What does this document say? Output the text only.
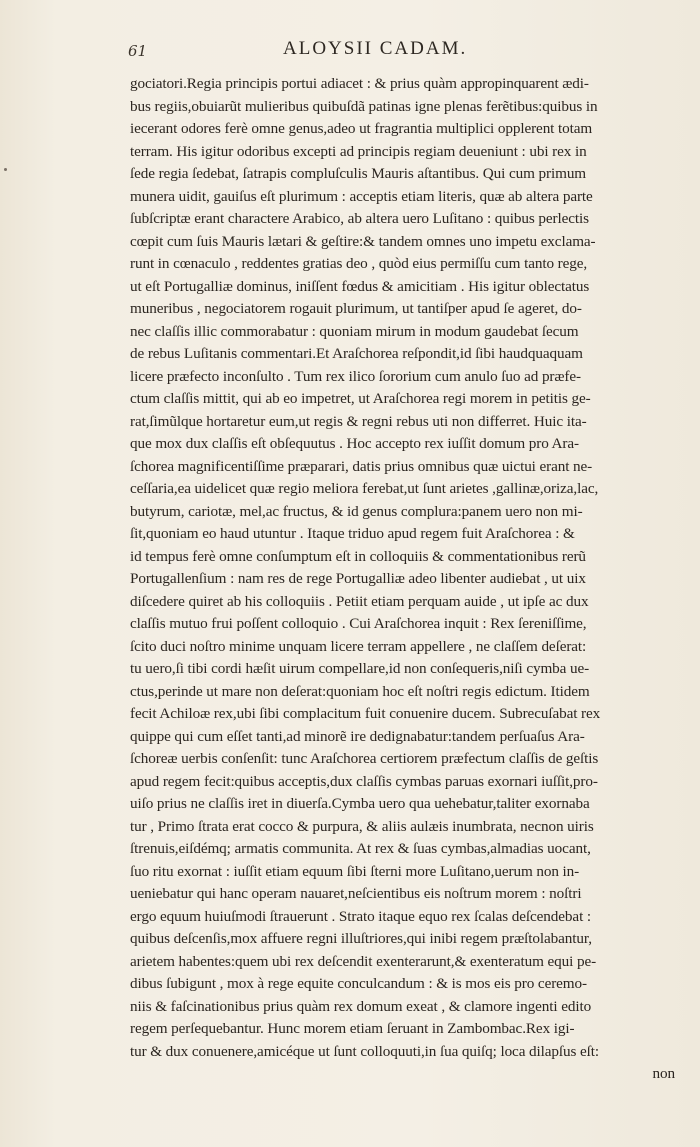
61	ALOYSII CADAM.
gociatori.Regia principis portui adiacet : & prius quàm appropinquarent ædi-
bus regiis,obuiarũt mulieribus quibuſdã patinas igne plenas ferẽtibus:quibus in
iecerant odores ferè omne genus,adeo ut fragrantia multiplici opplerent totam
terram. His igitur odoribus excepti ad principis regiam deueniunt : ubi rex in
ſede regia ſedebat, ſatrapis compluſculis Mauris aſtantibus. Qui cum primum
munera uidit, gauiſus eſt plurimum : acceptis etiam literis, quæ ab altera parte
ſubſcriptæ erant charactere Arabico, ab altera uero Luſitano : quibus perlectis
cœpit cum ſuis Mauris lætari & geſtire:& tandem omnes uno impetu exclama-
runt in cœnaculo , reddentes gratias deo , quòd eius permiſſu cum tanto rege,
ut eſt Portugalliæ dominus, iniſſent fœdus & amicitiam . His igitur oblectatus
muneribus , negociatorem rogauit plurimum, ut tantiſper apud ſe ageret, do-
nec claſſis illic commorabatur : quoniam mirum in modum gaudebat ſecum
de rebus Luſitanis commentari.Et Araſchorea reſpondit,id ſibi haudquaquam
licere præfecto inconſulto . Tum rex ilico ſororium cum anulo ſuo ad præfe-
ctum claſſis mittit, qui ab eo impetret, ut Araſchorea regi morem in petitis ge-
rat,ſimũlque hortaretur eum,ut regis & regni rebus uti non differret. Huic ita-
que mox dux claſſis eſt obſequutus . Hoc accepto rex iuſſit domum pro Ara-
ſchorea magnificentiſſime præparari, datis prius omnibus quæ uictui erant ne-
ceſſaria,ea uidelicet quæ regio meliora ferebat,ut ſunt arietes ,gallinæ,oriza,lac,
butyrum, cariotæ, mel,ac fructus, & id genus complura:panem uero non mi-
ſit,quoniam eo haud utuntur . Itaque triduo apud regem fuit Araſchorea : &
id tempus ferè omne conſumptum eſt in colloquiis & commentationibus rerũ
Portugallenſium : nam res de rege Portugalliæ adeo libenter audiebat , ut uix
diſcedere quiret ab his colloquiis . Petiit etiam perquam auide , ut ipſe ac dux
claſſis mutuo frui poſſent colloquio . Cui Araſchorea inquit : Rex ſereniſſime,
ſcito duci noſtro minime unquam licere terram appellere , ne claſſem deſerat:
tu uero,ſi tibi cordi hæſit uirum compellare,id non conſequeris,niſi cymba ue-
ctus,perinde ut mare non deſerat:quoniam hoc eſt noſtri regis edictum. Itidem
fecit Achiloæ rex,ubi ſibi complacitum fuit conuenire ducem. Subrecuſabat rex
quippe qui cum eſſet tanti,ad minorẽ ire dedignabatur:tandem perſuaſus Ara-
ſchoreæ uerbis conſenſit: tunc Araſchorea certiorem præfectum claſſis de geſtis
apud regem fecit:quibus acceptis,dux claſſis cymbas paruas exornari iuſſit,pro-
uiſo prius ne claſſis iret in diuerſa.Cymba uero qua uehebatur,taliter exornaba
tur , Primo ſtrata erat cocco & purpura, & aliis aulæis inumbrata, necnon uiris
ſtrenuis,eiſdémq; armatis communita. At rex & ſuas cymbas,almadias uocant,
ſuo ritu exornat : iuſſit etiam equum ſibi ſterni more Luſitano,uerum non in-
ueniebatur qui hanc operam nauaret,neſcientibus eis noſtrum morem : noſtri
ergo equum huiuſmodi ſtrauerunt . Strato itaque equo rex ſcalas deſcendebat :
quibus deſcenſis,mox affuere regni illuſtriores,qui inibi regem præſtolabantur,
arietem habentes:quem ubi rex deſcendit exenterarunt,& exenteratum equi pe-
dibus ſubigunt , mox à rege equite conculcandum : & is mos eis pro ceremo-
niis & faſcinationibus prius quàm rex domum exeat , & clamore ingenti edito
regem perſequebantur. Hunc morem etiam ſeruant in Zambombac.Rex igi-
tur & dux conuenere,amicéque ut ſunt colloquuti,in ſua quiſq; loca dilapſus eſt:
non
